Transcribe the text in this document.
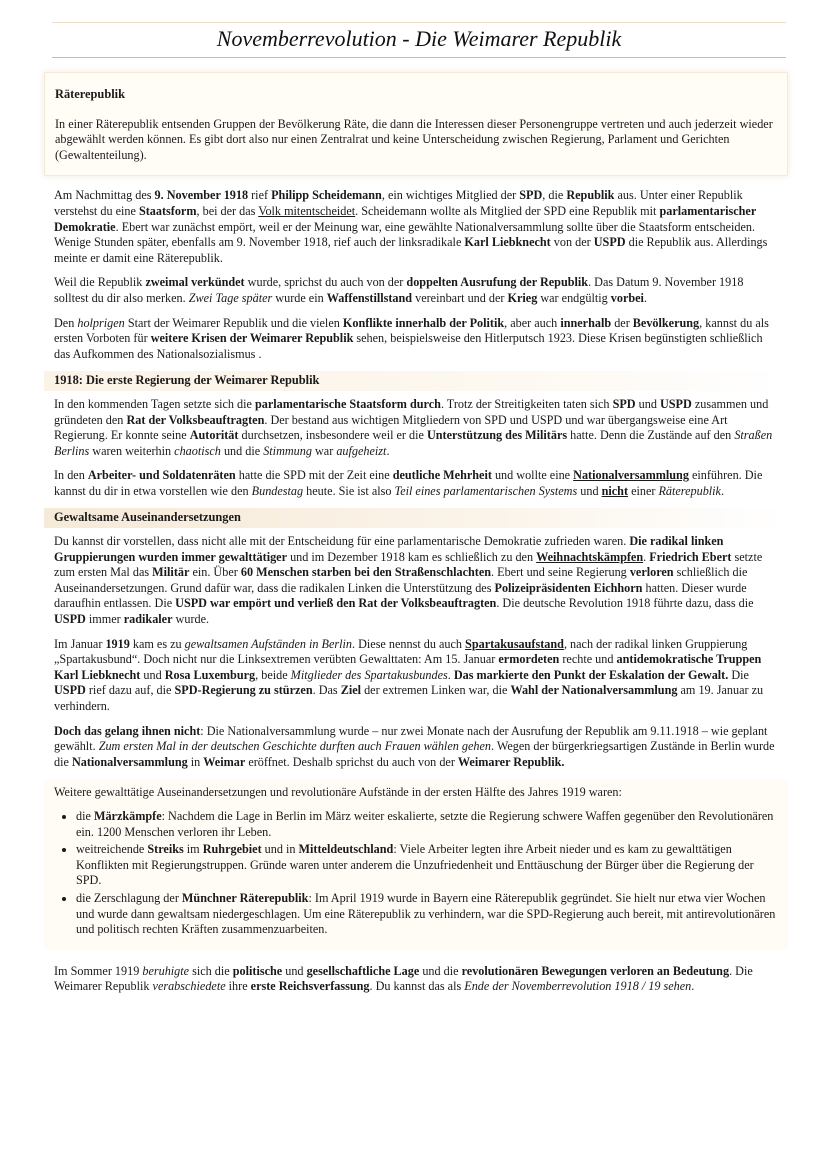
Novemberrevolution - Die Weimarer Republik
Räterepublik

In einer Räterepublik entsenden Gruppen der Bevölkerung Räte, die dann die Interessen dieser Personengruppe vertreten und auch jederzeit wieder abgewählt werden können. Es gibt dort also nur einen Zentralrat und keine Unterscheidung zwischen Regierung, Parlament und Gerichten (Gewaltenteilung).

Am Nachmittag des 9. November 1918 rief Philipp Scheidemann, ein wichtiges Mitglied der SPD, die Republik aus. Unter einer Republik verstehst du eine Staatsform, bei der das Volk mitentscheidet. Scheidemann wollte als Mitglied der SPD eine Republik mit parlamentarischer Demokratie. Ebert war zunächst empört, weil er der Meinung war, eine gewählte Nationalversammlung sollte über die Staatsform entscheiden. Wenige Stunden später, ebenfalls am 9. November 1918, rief auch der linksradikale Karl Liebknecht von der USPD die Republik aus. Allerdings meinte er damit eine Räterepublik.

Weil die Republik zweimal verkündet wurde, sprichst du auch von der doppelten Ausrufung der Republik. Das Datum 9. November 1918 solltest du dir also merken. Zwei Tage später wurde ein Waffenstillstand vereinbart und der Krieg war endgültig vorbei.

Den holprigen Start der Weimarer Republik und die vielen Konflikte innerhalb der Politik, aber auch innerhalb der Bevölkerung, kannst du als ersten Vorboten für weitere Krisen der Weimarer Republik sehen, beispielsweise den Hitlerputsch 1923. Diese Krisen begünstigten schließlich das Aufkommen des Nationalsozialismus .

1918: Die erste Regierung der Weimarer Republik

In den kommenden Tagen setzte sich die parlamentarische Staatsform durch. Trotz der Streitigkeiten taten sich SPD und USPD zusammen und gründeten den Rat der Volksbeauftragten. Der bestand aus wichtigen Mitgliedern von SPD und USPD und war übergangsweise eine Art Regierung. Er konnte seine Autorität durchsetzen, insbesondere weil er die Unterstützung des Militärs hatte. Denn die Zustände auf den Straßen Berlins waren weiterhin chaotisch und die Stimmung war aufgeheizt.

In den Arbeiter- und Soldatenräten hatte die SPD mit der Zeit eine deutliche Mehrheit und wollte eine Nationalversammlung einführen. Die kannst du dir in etwa vorstellen wie den Bundestag heute. Sie ist also Teil eines parlamentarischen Systems und nicht einer Räterepublik.

Gewaltsame Auseinandersetzungen

Du kannst dir vorstellen, dass nicht alle mit der Entscheidung für eine parlamentarische Demokratie zufrieden waren. Die radikal linken Gruppierungen wurden immer gewalttätiger und im Dezember 1918 kam es schließlich zu den Weihnachtskämpfen. Friedrich Ebert setzte zum ersten Mal das Militär ein. Über 60 Menschen starben bei den Straßenschlachten. Ebert und seine Regierung verloren schließlich die Auseinandersetzungen. Grund dafür war, dass die radikalen Linken die Unterstützung des Polizeipräsidenten Eichhorn hatten. Dieser wurde daraufhin entlassen. Die USPD war empört und verließ den Rat der Volksbeauftragten. Die deutsche Revolution 1918 führte dazu, dass die USPD immer radikaler wurde.

Im Januar 1919 kam es zu gewaltsamen Aufständen in Berlin. Diese nennst du auch Spartakusaufstand, nach der radikal linken Gruppierung „Spartakusbund“. Doch nicht nur die Linksextremen verübten Gewalttaten: Am 15. Januar ermordeten rechte und antidemokratische Truppen Karl Liebknecht und Rosa Luxemburg, beide Mitglieder des Spartakusbundes. Das markierte den Punkt der Eskalation der Gewalt. Die USPD rief dazu auf, die SPD-Regierung zu stürzen. Das Ziel der extremen Linken war, die Wahl der Nationalversammlung am 19. Januar zu verhindern.

Doch das gelang ihnen nicht: Die Nationalversammlung wurde – nur zwei Monate nach der Ausrufung der Republik am 9.11.1918 – wie geplant gewählt. Zum ersten Mal in der deutschen Geschichte durften auch Frauen wählen gehen. Wegen der bürgerkriegsartigen Zustände in Berlin wurde die Nationalversammlung in Weimar eröffnet. Deshalb sprichst du auch von der Weimarer Republik.

Weitere gewalttätige Auseinandersetzungen und revolutionäre Aufstände in der ersten Hälfte des Jahres 1919 waren:

• die Märzkämpfe: Nachdem die Lage in Berlin im März weiter eskalierte, setzte die Regierung schwere Waffen gegenüber den Revolutionären ein. 1200 Menschen verloren ihr Leben.
• weitreichende Streiks im Ruhrgebiet und in Mitteldeutschland: Viele Arbeiter legten ihre Arbeit nieder und es kam zu gewalttätigen Konflikten mit Regierungstruppen. Gründe waren unter anderem die Unzufriedenheit und Enttäuschung der Bürger über die Regierung der SPD.
• die Zerschlagung der Münchner Räterepublik: Im April 1919 wurde in Bayern eine Räterepublik gegründet. Sie hielt nur etwa vier Wochen und wurde dann gewaltsam niedergeschlagen. Um eine Räterepublik zu verhindern, war die SPD-Regierung auch bereit, mit antirevolutionären und politisch rechten Kräften zusammenzuarbeiten.

Im Sommer 1919 beruhigte sich die politische und gesellschaftliche Lage und die revolutionären Bewegungen verloren an Bedeutung. Die Weimarer Republik verabschiedete ihre erste Reichsverfassung. Du kannst das als Ende der Novemberrevolution 1918 / 19 sehen.
